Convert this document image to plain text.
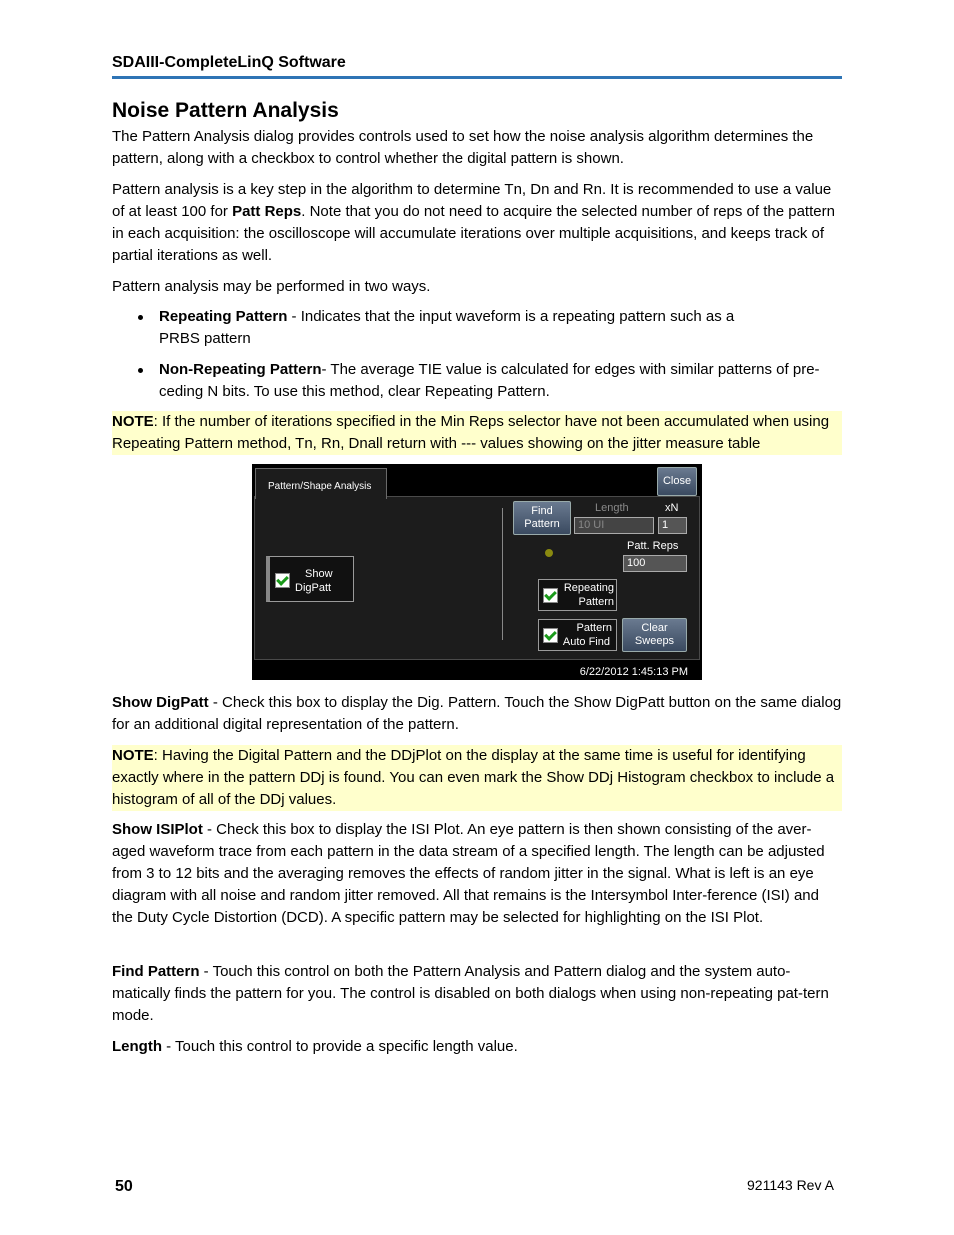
SDAIII-CompleteLinQ Software
Noise Pattern Analysis

The Pattern Analysis dialog provides controls used to set how the noise analysis algorithm determines the pattern, along with a checkbox to control whether the digital pattern is shown.

Pattern analysis is a key step in the algorithm to determine Tn, Dn and Rn. It is recommended to use a value of at least 100 for Patt Reps. Note that you do not need to acquire the selected number of reps of the pattern in each acquisition: the oscilloscope will accumulate iterations over multiple acquisitions, and keeps track of partial iterations as well.

Pattern analysis may be performed in two ways.

Repeating Pattern - Indicates that the input waveform is a repeating pattern such as a PRBS pattern
Non-Repeating Pattern- The average TIE value is calculated for edges with similar patterns of pre-ceding N bits. To use this method, clear Repeating Pattern.

NOTE: If the number of iterations specified in the Min Reps selector have not been accumulated when using Repeating Pattern method, Tn, Rn, Dnall return with --- values showing on the jitter measure table

Pattern/Shape Analysis	Close
Show
DigPatt
Find
Pattern
Length
10 UI
xN
1
Patt. Reps
100
Repeating
Pattern
Pattern
Auto Find
Clear
Sweeps
6/22/2012 1:45:13 PM

Show DigPatt - Check this box to display the Dig. Pattern. Touch the Show DigPatt button on the same dialog for an additional digital representation of the pattern.

NOTE: Having the Digital Pattern and the DDjPlot on the display at the same time is useful for identifying exactly where in the pattern DDj is found. You can even mark the Show DDj Histogram checkbox to include a histogram of all of the DDj values.

Show ISIPlot - Check this box to display the ISI Plot. An eye pattern is then shown consisting of the aver-aged waveform trace from each pattern in the data stream of a specified length. The length can be adjusted from 3 to 12 bits and the averaging removes the effects of random jitter in the signal. What is left is an eye diagram with all noise and random jitter removed. All that remains is the Intersymbol Inter-ference (ISI) and the Duty Cycle Distortion (DCD). A specific pattern may be selected for highlighting on the ISI Plot.

Find Pattern - Touch this control on both the Pattern Analysis and Pattern dialog and the system auto-matically finds the pattern for you. The control is disabled on both dialogs when using non-repeating pat-tern mode.

Length - Touch this control to provide a specific length value.

50	921143 Rev A
